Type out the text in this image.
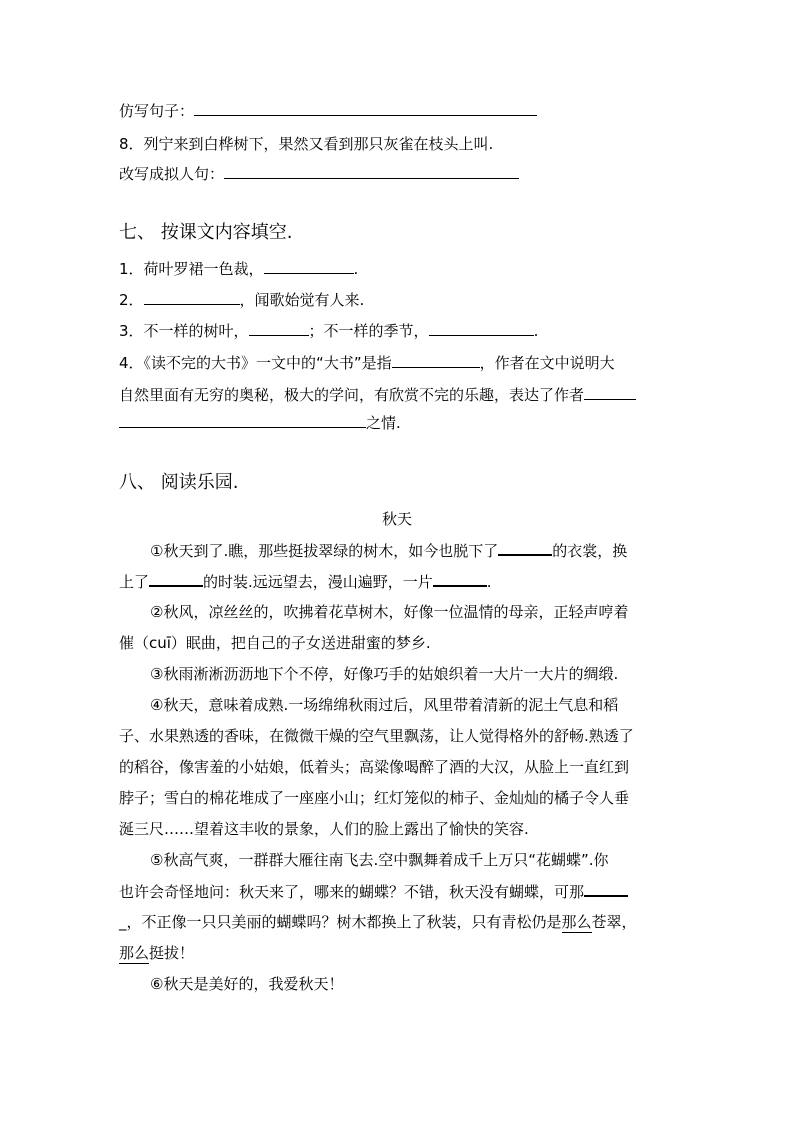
仿写句子：
8．列宁来到白桦树下，果然又看到那只灰雀在枝头上叫.
改写成拟人句：
七、 按课文内容填空.
1．荷叶罗裙一色裁，	.
2．	，闻歌始觉有人来.
3．不一样的树叶，	；不一样的季节，	.
4．《读不完的大书》一文中的“大书”是指	，作者在文中说明大
自然里面有无穷的奥秘，极大的学问，有欣赏不完的乐趣，表达了作者
之情.
八、 阅读乐园.
秋天
①秋天到了.瞧，那些挺拔翠绿的树木，如今也脱下了	的衣裳，换
上了	的时装.远远望去，漫山遍野，一片	.
②秋风，凉丝丝的，吹拂着花草树木，好像一位温情的母亲，正轻声哼着
催（cuī）眠曲，把自己的子女送进甜蜜的梦乡.
③秋雨淅淅沥沥地下个不停，好像巧手的姑娘织着一大片一大片的绸缎.
④秋天，意味着成熟.一场绵绵秋雨过后，风里带着清新的泥土气息和稻
子、水果熟透的香味，在微微干燥的空气里飘荡，让人觉得格外的舒畅.熟透了
的稻谷，像害羞的小姑娘，低着头；高粱像喝醉了酒的大汉，从脸上一直红到
脖子；雪白的棉花堆成了一座座小山；红灯笼似的柿子、金灿灿的橘子令人垂
涎三尺……望着这丰收的景象，人们的脸上露出了愉快的笑容.
⑤秋高气爽，一群群大雁往南飞去.空中飘舞着成千上万只“花蝴蝶”.你
也许会奇怪地问：秋天来了，哪来的蝴蝶？不错，秋天没有蝴蝶，可那
_，不正像一只只美丽的蝴蝶吗？树木都换上了秋装，只有青松仍是那么苍翠，
那么挺拔！
⑥秋天是美好的，我爱秋天！
